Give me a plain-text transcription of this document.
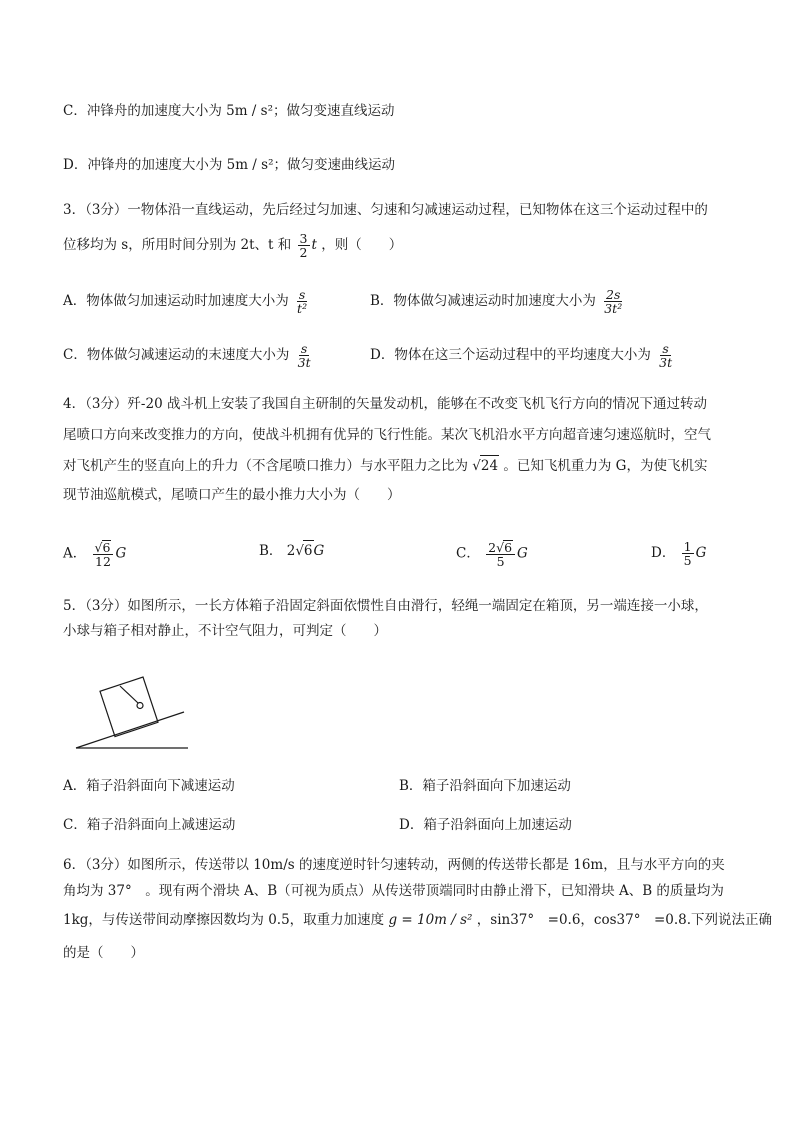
C．冲锋舟的加速度大小为 5m / s²；做匀变速直线运动
D．冲锋舟的加速度大小为 5m / s²；做匀变速曲线运动
3．（3分）一物体沿一直线运动，先后经过匀加速、匀速和匀减速运动过程，已知物体在这三个运动过程中的
位移均为 s，所用时间分别为 2t、t 和 $\frac{3}{2}$ t ，则（　　）
A．物体做匀加速运动时加速度大小为 $\frac{s}{\text{t²}}$	B．物体做匀减速运动时加速度大小为 $\frac{2s}{\text{3t²}}$
C．物体做匀减速运动的末速度大小为 $\frac{s}{3t}$	D．物体在这三个运动过程中的平均速度大小为 $\frac{s}{3t}$
4．（3分）歼-20 战斗机上安装了我国自主研制的矢量发动机，能够在不改变飞机飞行方向的情况下通过转动
尾喷口方向来改变推力的方向，使战斗机拥有优异的飞行性能。某次飞机沿水平方向超音速匀速巡航时，空气
对飞机产生的竖直向上的升力（不含尾喷口推力）与水平阻力之比为 √24 。已知飞机重力为 G，为使飞机实
现节油巡航模式，尾喷口产生的最小推力大小为（　　）
A． $\frac{√6}{12}$ G	B． 2√6G	C． $\frac{2√6}{5}$ G	D． $\frac{1}{5}$ G
5．（3分）如图所示，一长方体箱子沿固定斜面依惯性自由滑行，轻绳一端固定在箱顶，另一端连接一小球，
小球与箱子相对静止，不计空气阻力，可判定（　　）
A．箱子沿斜面向下减速运动	B．箱子沿斜面向下加速运动
C．箱子沿斜面向上减速运动	D．箱子沿斜面向上加速运动
6．（3分）如图所示，传送带以 10m/s 的速度逆时针匀速转动，两侧的传送带长都是 16m，且与水平方向的夹
角均为 37°　。现有两个滑块 A、B（可视为质点）从传送带顶端同时由静止滑下，已知滑块 A、B 的质量均为
1kg，与传送带间动摩擦因数均为 0.5，取重力加速度 g = 10m / s² ，sin37°　=0.6，cos37°　=0.8.下列说法正确
的是（　　）
